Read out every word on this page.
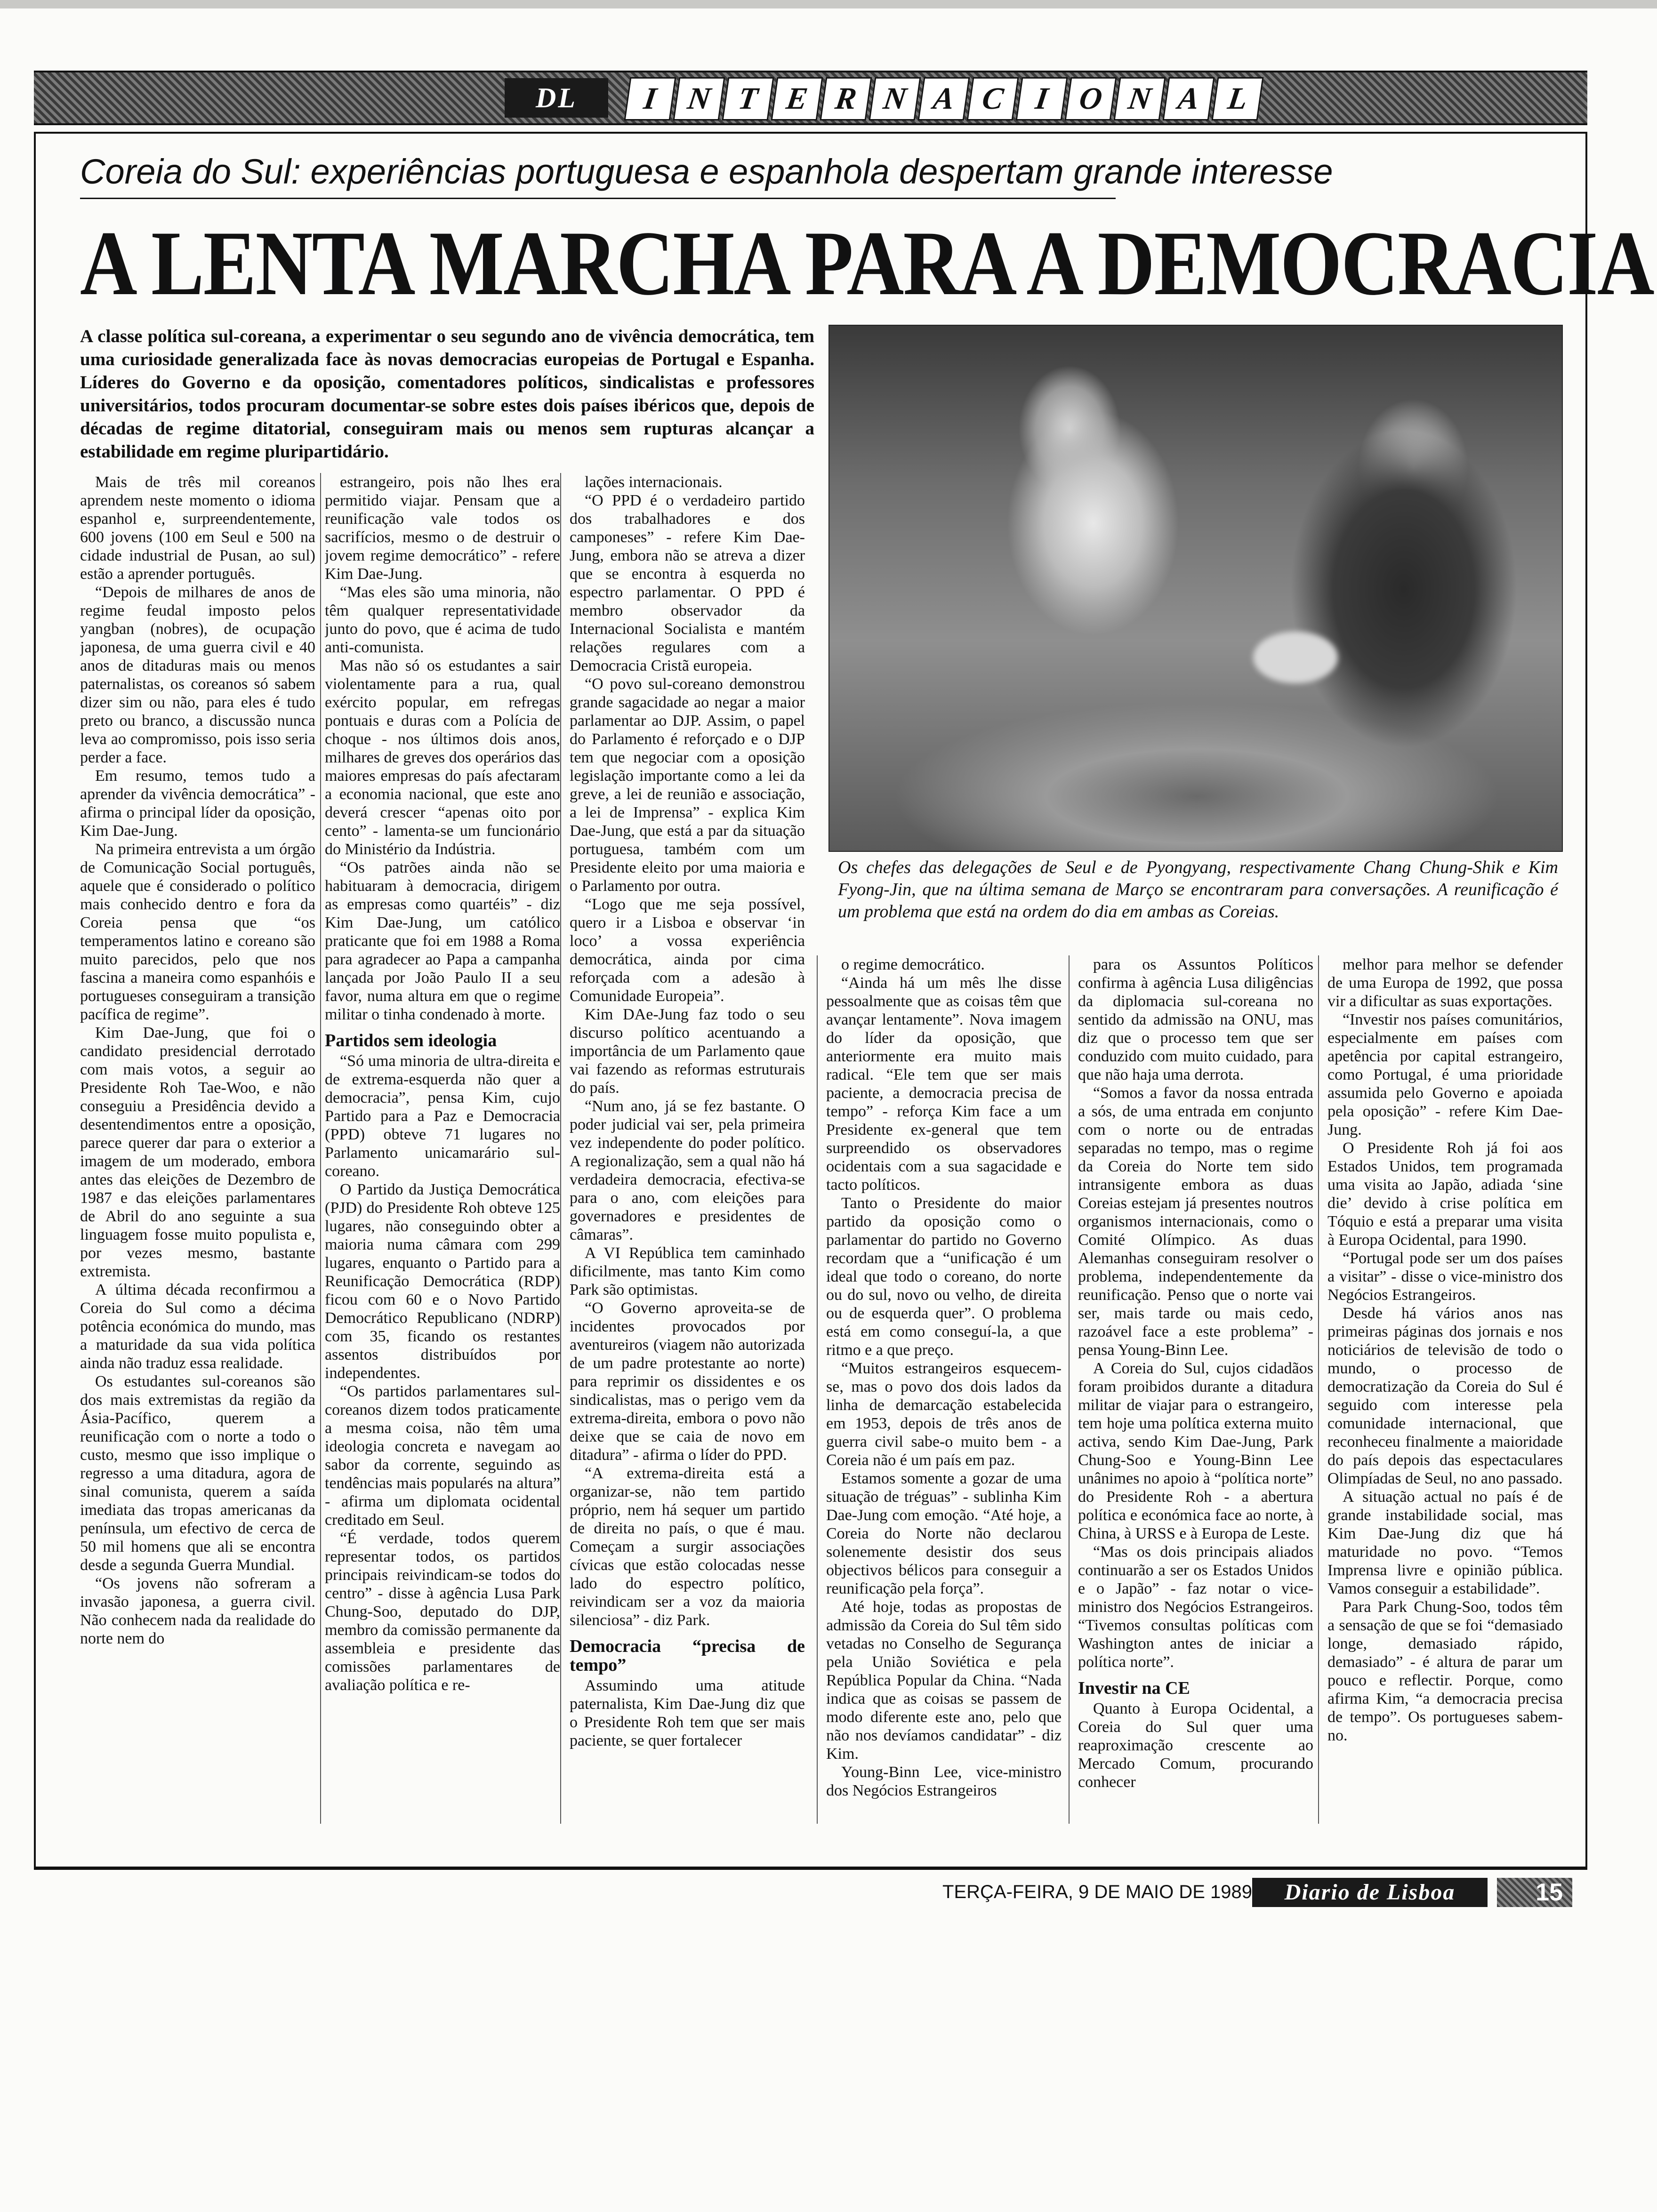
DL	I N T E R N A C I O N A L
Coreia do Sul: experiências portuguesa e espanhola despertam grande interesse
A LENTA MARCHA PARA A DEMOCRACIA
A classe política sul-coreana, a experimentar o seu segundo ano de vivência democrática, tem uma curiosidade generalizada face às novas democracias europeias de Portugal e Espanha. Líderes do Governo e da oposição, comentadores políticos, sindicalistas e professores universitários, todos procuram documentar-se sobre estes dois países ibéricos que, depois de décadas de regime ditatorial, conseguiram mais ou menos sem rupturas alcançar a estabilidade em regime pluripartidário.
Os chefes das delegações de Seul e de Pyongyang, respectivamente Chang Chung-Shik e Kim Fyong-Jin, que na última semana de Março se encontraram para conversações. A reunificação é um problema que está na ordem do dia em ambas as Coreias.

Mais de três mil coreanos aprendem neste momento o idioma espanhol e, surpreendentemente, 600 jovens (100 em Seul e 500 na cidade industrial de Pusan, ao sul) estão a aprender português.

“Depois de milhares de anos de regime feudal imposto pelos yangban (nobres), de ocupação japonesa, de uma guerra civil e 40 anos de ditaduras mais ou menos paternalistas, os coreanos só sabem dizer sim ou não, para eles é tudo preto ou branco, a discussão nunca leva ao compromisso, pois isso seria perder a face.

Em resumo, temos tudo a aprender da vivência democrática” - afirma o principal líder da oposição, Kim Dae-Jung.

Na primeira entrevista a um órgão de Comunicação Social português, aquele que é considerado o político mais conhecido dentro e fora da Coreia pensa que “os temperamentos latino e coreano são muito parecidos, pelo que nos fascina a maneira como espanhóis e portugueses conseguiram a transição pacífica de regime”.

Kim Dae-Jung, que foi o candidato presidencial derrotado com mais votos, a seguir ao Presidente Roh Tae-Woo, e não conseguiu a Presidência devido a desentendimentos entre a oposição, parece querer dar para o exterior a imagem de um moderado, embora antes das eleições de Dezembro de 1987 e das eleições parlamentares de Abril do ano seguinte a sua linguagem fosse muito populista e, por vezes mesmo, bastante extremista.

A última década reconfirmou a Coreia do Sul como a décima potência económica do mundo, mas a maturidade da sua vida política ainda não traduz essa realidade.

Os estudantes sul-coreanos são dos mais extremistas da região da Ásia-Pacífico, querem a reunificação com o norte a todo o custo, mesmo que isso implique o regresso a uma ditadura, agora de sinal comunista, querem a saída imediata das tropas americanas da península, um efectivo de cerca de 50 mil homens que ali se encontra desde a segunda Guerra Mundial.

“Os jovens não sofreram a invasão japonesa, a guerra civil. Não conhecem nada da realidade do norte nem do

estrangeiro, pois não lhes era permitido viajar. Pensam que a reunificação vale todos os sacrifícios, mesmo o de destruir o jovem regime democrático” - refere Kim Dae-Jung.

“Mas eles são uma minoria, não têm qualquer representatividade junto do povo, que é acima de tudo anti-comunista.

Mas não só os estudantes a sair violentamente para a rua, qual exército popular, em refregas pontuais e duras com a Polícia de choque - nos últimos dois anos, milhares de greves dos operários das maiores empresas do país afectaram a economia nacional, que este ano deverá crescer “apenas oito por cento” - lamenta-se um funcionário do Ministério da Indústria.

“Os patrões ainda não se habituaram à democracia, dirigem as empresas como quartéis” - diz Kim Dae-Jung, um católico praticante que foi em 1988 a Roma para agradecer ao Papa a campanha lançada por João Paulo II a seu favor, numa altura em que o regime militar o tinha condenado à morte.

Partidos sem ideologia

“Só uma minoria de ultra-direita e de extrema-esquerda não quer a democracia”, pensa Kim, cujo Partido para a Paz e Democracia (PPD) obteve 71 lugares no Parlamento unicamarário sul-coreano.

O Partido da Justiça Democrática (PJD) do Presidente Roh obteve 125 lugares, não conseguindo obter a maioria numa câmara com 299 lugares, enquanto o Partido para a Reunificação Democrática (RDP) ficou com 60 e o Novo Partido Democrático Republicano (NDRP) com 35, ficando os restantes assentos distribuídos por independentes.

“Os partidos parlamentares sul-coreanos dizem todos praticamente a mesma coisa, não têm uma ideologia concreta e navegam ao sabor da corrente, seguindo as tendências mais popularés na altura” - afirma um diplomata ocidental creditado em Seul.

“É verdade, todos querem representar todos, os partidos principais reivindicam-se todos do centro” - disse à agência Lusa Park Chung-Soo, deputado do DJP, membro da comissão permanente da assembleia e presidente das comissões parlamentares de avaliação política e re-

lações internacionais.

“O PPD é o verdadeiro partido dos trabalhadores e dos camponeses” - refere Kim Dae-Jung, embora não se atreva a dizer que se encontra à esquerda no espectro parlamentar. O PPD é membro observador da Internacional Socialista e mantém relações regulares com a Democracia Cristã europeia.

“O povo sul-coreano demonstrou grande sagacidade ao negar a maior parlamentar ao DJP. Assim, o papel do Parlamento é reforçado e o DJP tem que negociar com a oposição legislação importante como a lei da greve, a lei de reunião e associação, a lei de Imprensa” - explica Kim Dae-Jung, que está a par da situação portuguesa, também com um Presidente eleito por uma maioria e o Parlamento por outra.

“Logo que me seja possível, quero ir a Lisboa e observar ‘in loco’ a vossa experiência democrática, ainda por cima reforçada com a adesão à Comunidade Europeia”.

Kim DAe-Jung faz todo o seu discurso político acentuando a importância de um Parlamento qaue vai fazendo as reformas estruturais do país.

“Num ano, já se fez bastante. O poder judicial vai ser, pela primeira vez independente do poder político. A regionalização, sem a qual não há verdadeira democracia, efectiva-se para o ano, com eleições para governadores e presidentes de câmaras”.

A VI República tem caminhado dificilmente, mas tanto Kim como Park são optimistas.

“O Governo aproveita-se de incidentes provocados por aventureiros (viagem não autorizada de um padre protestante ao norte) para reprimir os dissidentes e os sindicalistas, mas o perigo vem da extrema-direita, embora o povo não deixe que se caia de novo em ditadura” - afirma o líder do PPD.

“A extrema-direita está a organizar-se, não tem partido próprio, nem há sequer um partido de direita no país, o que é mau. Começam a surgir associações cívicas que estão colocadas nesse lado do espectro político, reivindicam ser a voz da maioria silenciosa” - diz Park.

Democracia “precisa de tempo”

Assumindo uma atitude paternalista, Kim Dae-Jung diz que o Presidente Roh tem que ser mais paciente, se quer fortalecer

o regime democrático.

“Ainda há um mês lhe disse pessoalmente que as coisas têm que avançar lentamente”. Nova imagem do líder da oposição, que anteriormente era muito mais radical. “Ele tem que ser mais paciente, a democracia precisa de tempo” - reforça Kim face a um Presidente ex-general que tem surpreendido os observadores ocidentais com a sua sagacidade e tacto políticos.

Tanto o Presidente do maior partido da oposição como o parlamentar do partido no Governo recordam que a “unificação é um ideal que todo o coreano, do norte ou do sul, novo ou velho, de direita ou de esquerda quer”. O problema está em como conseguí-la, a que ritmo e a que preço.

“Muitos estrangeiros esquecem-se, mas o povo dos dois lados da linha de demarcação estabelecida em 1953, depois de três anos de guerra civil sabe-o muito bem - a Coreia não é um país em paz.

Estamos somente a gozar de uma situação de tréguas” - sublinha Kim Dae-Jung com emoção. “Até hoje, a Coreia do Norte não declarou solenemente desistir dos seus objectivos bélicos para conseguir a reunificação pela força”.

Até hoje, todas as propostas de admissão da Coreia do Sul têm sido vetadas no Conselho de Segurança pela União Soviética e pela República Popular da China. “Nada indica que as coisas se passem de modo diferente este ano, pelo que não nos devíamos candidatar” - diz Kim.

Young-Binn Lee, vice-ministro dos Negócios Estrangeiros

para os Assuntos Políticos confirma à agência Lusa diligências da diplomacia sul-coreana no sentido da admissão na ONU, mas diz que o processo tem que ser conduzido com muito cuidado, para que não haja uma derrota.

“Somos a favor da nossa entrada a sós, de uma entrada em conjunto com o norte ou de entradas separadas no tempo, mas o regime da Coreia do Norte tem sido intransigente embora as duas Coreias estejam já presentes noutros organismos internacionais, como o Comité Olímpico. As duas Alemanhas conseguiram resolver o problema, independentemente da reunificação. Penso que o norte vai ser, mais tarde ou mais cedo, razoável face a este problema” - pensa Young-Binn Lee.

A Coreia do Sul, cujos cidadãos foram proibidos durante a ditadura militar de viajar para o estrangeiro, tem hoje uma política externa muito activa, sendo Kim Dae-Jung, Park Chung-Soo e Young-Binn Lee unânimes no apoio à “política norte” do Presidente Roh - a abertura política e económica face ao norte, à China, à URSS e à Europa de Leste.

“Mas os dois principais aliados continuarão a ser os Estados Unidos e o Japão” - faz notar o vice-ministro dos Negócios Estrangeiros. “Tivemos consultas políticas com Washington antes de iniciar a política norte”.

Investir na CE

Quanto à Europa Ocidental, a Coreia do Sul quer uma reaproximação crescente ao Mercado Comum, procurando conhecer

melhor para melhor se defender de uma Europa de 1992, que possa vir a dificultar as suas exportações.

“Investir nos países comunitários, especialmente em países com apetência por capital estrangeiro, como Portugal, é uma prioridade assumida pelo Governo e apoiada pela oposição” - refere Kim Dae-Jung.

O Presidente Roh já foi aos Estados Unidos, tem programada uma visita ao Japão, adiada ‘sine die’ devido à crise política em Tóquio e está a preparar uma visita à Europa Ocidental, para 1990.

“Portugal pode ser um dos países a visitar” - disse o vice-ministro dos Negócios Estrangeiros.

Desde há vários anos nas primeiras páginas dos jornais e nos noticiários de televisão de todo o mundo, o processo de democratização da Coreia do Sul é seguido com interesse pela comunidade internacional, que reconheceu finalmente a maioridade do país depois das espectaculares Olimpíadas de Seul, no ano passado.

A situação actual no país é de grande instabilidade social, mas Kim Dae-Jung diz que há maturidade no povo. “Temos Imprensa livre e opinião pública. Vamos conseguir a estabilidade”.

Para Park Chung-Soo, todos têm a sensação de que se foi “demasiado longe, demasiado rápido, demasiado” - é altura de parar um pouco e reflectir. Porque, como afirma Kim, “a democracia precisa de tempo”. Os portugueses sabem-no.

TERÇA-FEIRA, 9 DE MAIO DE 1989	Diario de Lisboa	15
